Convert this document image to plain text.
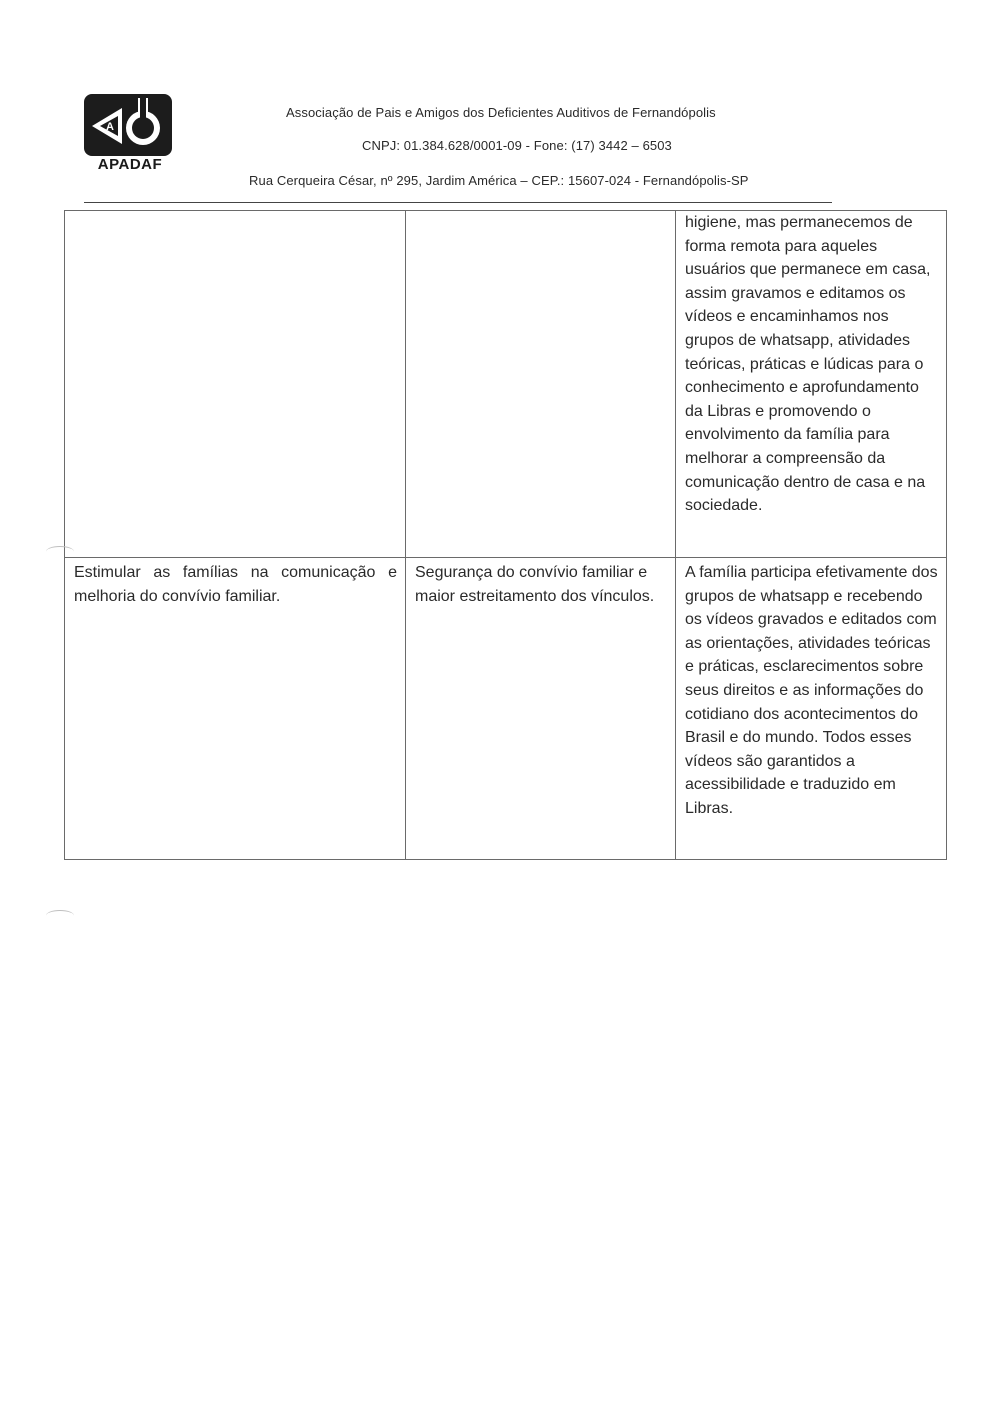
A
APADAF
Associação de Pais e Amigos dos Deficientes Auditivos de Fernandópolis
CNPJ: 01.384.628/0001-09 - Fone: (17) 3442 – 6503
Rua Cerqueira César, nº 295, Jardim América – CEP.: 15607-024 - Fernandópolis-SP
		higiene, mas permanecemos de forma remota para aqueles usuários que permanece em casa, assim gravamos e editamos os vídeos e encaminhamos nos grupos de whatsapp, atividades teóricas, práticas e lúdicas para o conhecimento e aprofundamento da Libras e promovendo o envolvimento da família para melhorar a compreensão da comunicação dentro de casa e na sociedade.
Estimular as famílias na comunicação e melhoria do convívio familiar.	Segurança do convívio familiar e maior estreitamento dos vínculos.	A família participa efetivamente dos grupos de whatsapp e recebendo os vídeos gravados e editados com as orientações, atividades teóricas e práticas, esclarecimentos sobre seus direitos e as informações do cotidiano dos acontecimentos do Brasil e do mundo. Todos esses vídeos são garantidos a acessibilidade e traduzido em Libras.
